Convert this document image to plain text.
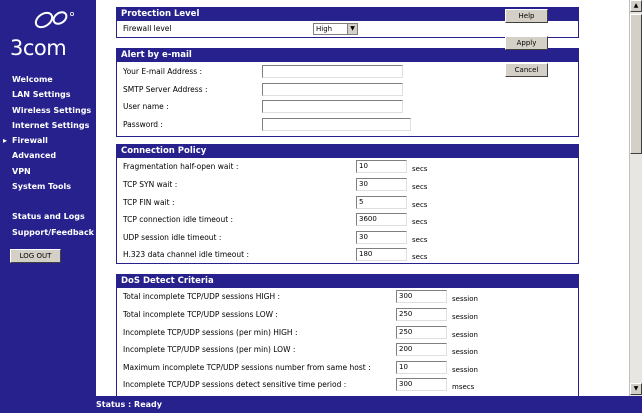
3com
Welcome
LAN Settings
Wireless Settings
Internet Settings
▸ Firewall
Advanced
VPN
System Tools
Status and Logs
Support/Feedback
LOG OUT
Protection Level
Firewall level	High	▼
Alert by e-mail
Your E-mail Address :
SMTP Server Address :
User name :
Password :
Connection Policy
Fragmentation half-open wait :	10	secs
TCP SYN wait :	30	secs
TCP FIN wait :	5	secs
TCP connection idle timeout :	3600	secs
UDP session idle timeout :	30	secs
H.323 data channel idle timeout :	180	secs
DoS Detect Criteria
Total incomplete TCP/UDP sessions HIGH :	300	session
Total incomplete TCP/UDP sessions LOW :	250	session
Incomplete TCP/UDP sessions (per min) HIGH :	250	session
Incomplete TCP/UDP sessions (per min) LOW :	200	session
Maximum incomplete TCP/UDP sessions number from same host :	10	session
Incomplete TCP/UDP sessions detect sensitive time period :	300	msecs
Help
Apply
Cancel
▲
▼
Status : Ready
